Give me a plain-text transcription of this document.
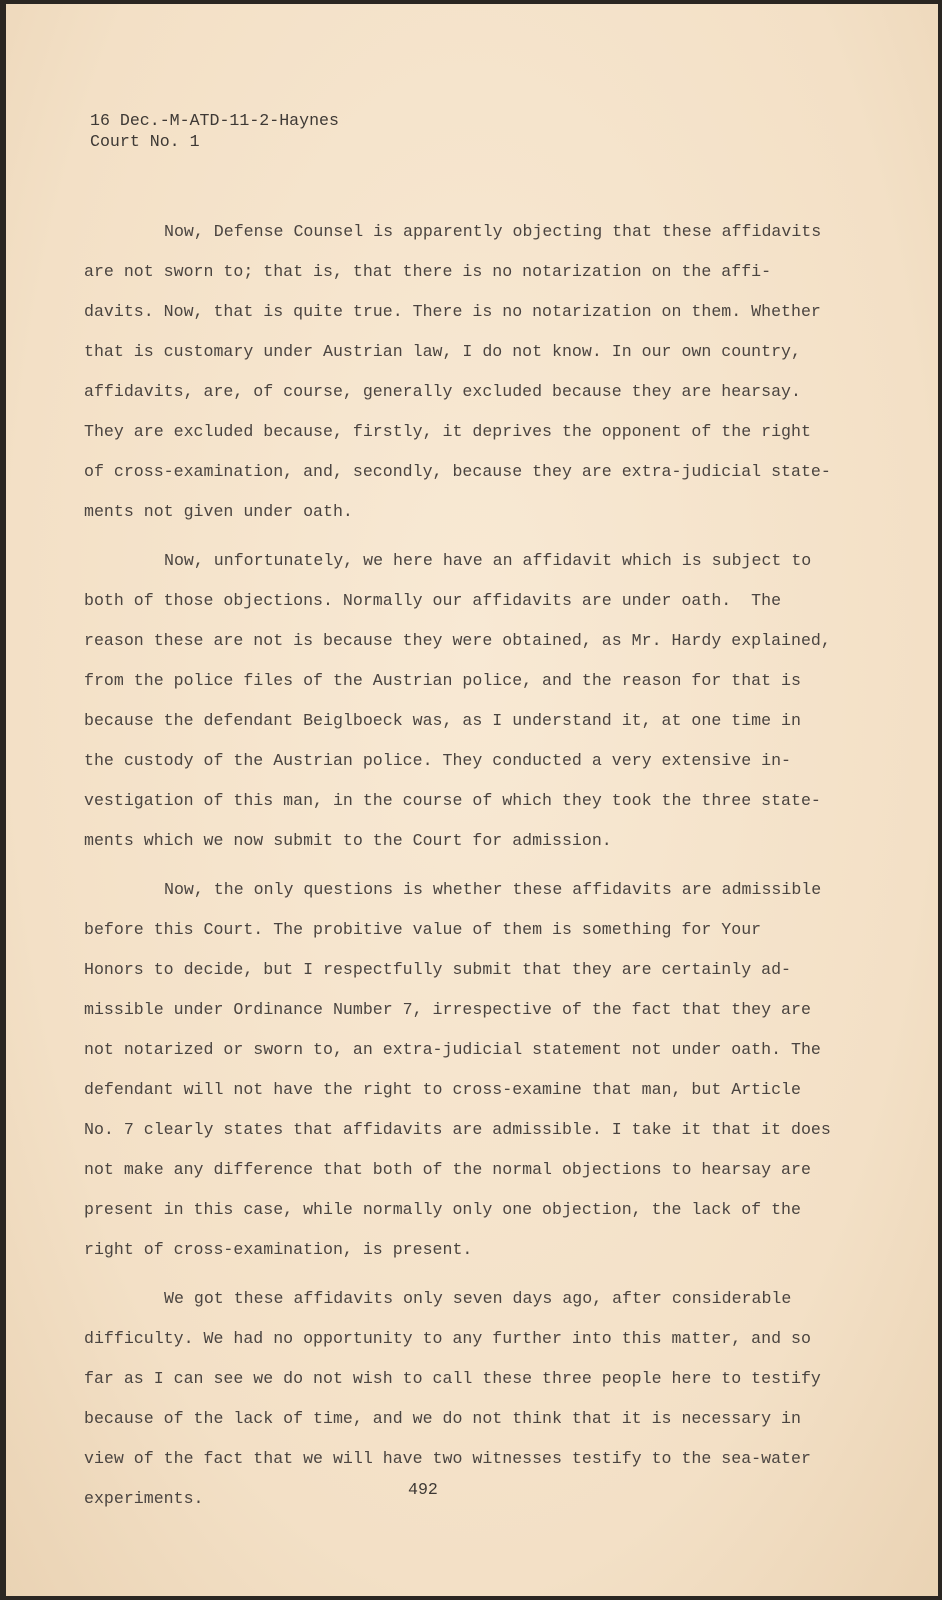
16 Dec.-M-ATD-11-2-Haynes
Court No. 1
Now, Defense Counsel is apparently objecting that these affidavits
are not sworn to; that is, that there is no notarization on the affi-
davits. Now, that is quite true. There is no notarization on them. Whether
that is customary under Austrian law, I do not know. In our own country,
affidavits, are, of course, generally excluded because they are hearsay.
They are excluded because, firstly, it deprives the opponent of the right
of cross-examination, and, secondly, because they are extra-judicial state-
ments not given under oath.
Now, unfortunately, we here have an affidavit which is subject to
both of those objections. Normally our affidavits are under oath.  The
reason these are not is because they were obtained, as Mr. Hardy explained,
from the police files of the Austrian police, and the reason for that is
because the defendant Beiglboeck was, as I understand it, at one time in
the custody of the Austrian police. They conducted a very extensive in-
vestigation of this man, in the course of which they took the three state-
ments which we now submit to the Court for admission.
Now, the only questions is whether these affidavits are admissible
before this Court. The probitive value of them is something for Your
Honors to decide, but I respectfully submit that they are certainly ad-
missible under Ordinance Number 7, irrespective of the fact that they are
not notarized or sworn to, an extra-judicial statement not under oath. The
defendant will not have the right to cross-examine that man, but Article
No. 7 clearly states that affidavits are admissible. I take it that it does
not make any difference that both of the normal objections to hearsay are
present in this case, while normally only one objection, the lack of the
right of cross-examination, is present.
We got these affidavits only seven days ago, after considerable
difficulty. We had no opportunity to any further into this matter, and so
far as I can see we do not wish to call these three people here to testify
because of the lack of time, and we do not think that it is necessary in
view of the fact that we will have two witnesses testify to the sea-water
experiments.	492
